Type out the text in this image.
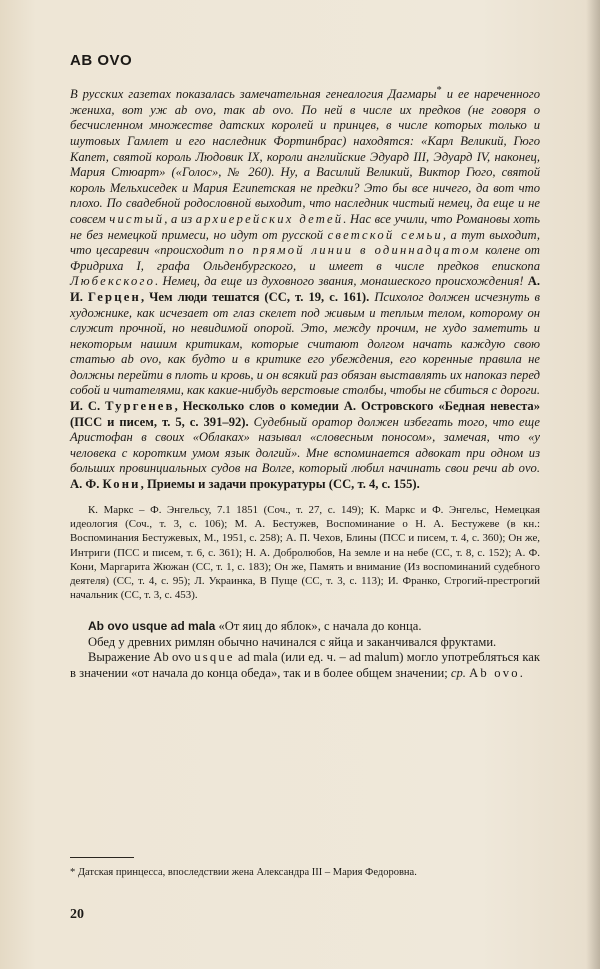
AB OVO

В русских газетах показалась замечательная генеалогия Дагмары* и ее нареченного жениха, вот уж ab ovo, так ab ovo. По ней в числе их предков (не говоря о бесчисленном множестве датских королей и принцев, в числе которых только и шутовых Гамлет и его наследник Фортинбрас) находятся: «Карл Великий, Гюго Капет, святой король Людовик IX, короли английские Эдуард III, Эдуард IV, наконец, Мария Стюарт» («Голос», № 260). Ну, а Василий Великий, Виктор Гюго, святой король Мельхиседек и Мария Египетская не предки? Это бы все ничего, да вот что плохо. По свадебной родословной выходит, что наследник чистый немец, да еще и не совсем чистый, а из архиерейских детей. Нас все учили, что Романовы хоть не без немецкой примеси, но идут от русской светской семьи, а тут выходит, что цесаревич «происходит по прямой линии в одиннадцатом колене от Фридриха I, графа Ольденбургского, и имеет в числе предков епископа Любекского. Немец, да еще из духовного звания, монашеского происхождения! А. И. Герцен, Чем люди тешатся (СС, т. 19, с. 161). Психолог должен исчезнуть в художнике, как исчезает от глаз скелет под живым и теплым телом, которому он служит прочной, но невидимой опорой. Это, между прочим, не худо заметить и некоторым нашим критикам, которые считают долгом начать каждую свою статью ab ovo, как будто и в критике его убеждения, его коренные правила не должны перейти в плоть и кровь, и он всякий раз обязан выставлять их напоказ перед собой и читателями, как какие-нибудь верстовые столбы, чтобы не сбиться с дороги. И. С. Тургенев, Несколько слов о комедии А. Островского «Бедная невеста» (ПСС и писем, т. 5, с. 391–92). Судебный оратор должен избегать того, что еще Аристофан в своих «Облаках» называл «словесным поносом», замечая, что «у человека с коротким умом язык долгий». Мне вспоминается адвокат при одном из больших провинциальных судов на Волге, который любил начинать свои речи ab ovo. А. Ф. Кони, Приемы и задачи прокуратуры (СС, т. 4, с. 155).

К. Маркс – Ф. Энгельсу, 7.1 1851 (Соч., т. 27, с. 149); К. Маркс и Ф. Энгельс, Немецкая идеология (Соч., т. 3, с. 106); М. А. Бестужев, Воспоминание о Н. А. Бестужеве (в кн.: Воспоминания Бестужевых, М., 1951, с. 258); А. П. Чехов, Блины (ПСС и писем, т. 4, с. 360); Он же, Интриги (ПСС и писем, т. 6, с. 361); Н. А. Добролюбов, На земле и на небе (СС, т. 8, с. 152); А. Ф. Кони, Маргарита Жюжан (СС, т. 1, с. 183); Он же, Память и внимание (Из воспоминаний судебного деятеля) (СС, т. 4, с. 95); Л. Украинка, В Пуще (СС, т. 3, с. 113); И. Франко, Строгий-престрогий начальник (СС, т. 3, с. 453).

Ab ovo usque ad mala «От яиц до яблок», с начала до конца.

Обед у древних римлян обычно начинался с яйца и заканчивался фруктами.

Выражение Ab ovo usque ad mala (или ед. ч. – ad malum) могло употребляться как в значении «от начала до конца обеда», так и в более общем значении; ср. Ab ovo.

* Датская принцесса, впоследствии жена Александра III – Мария Федоровна.

20
